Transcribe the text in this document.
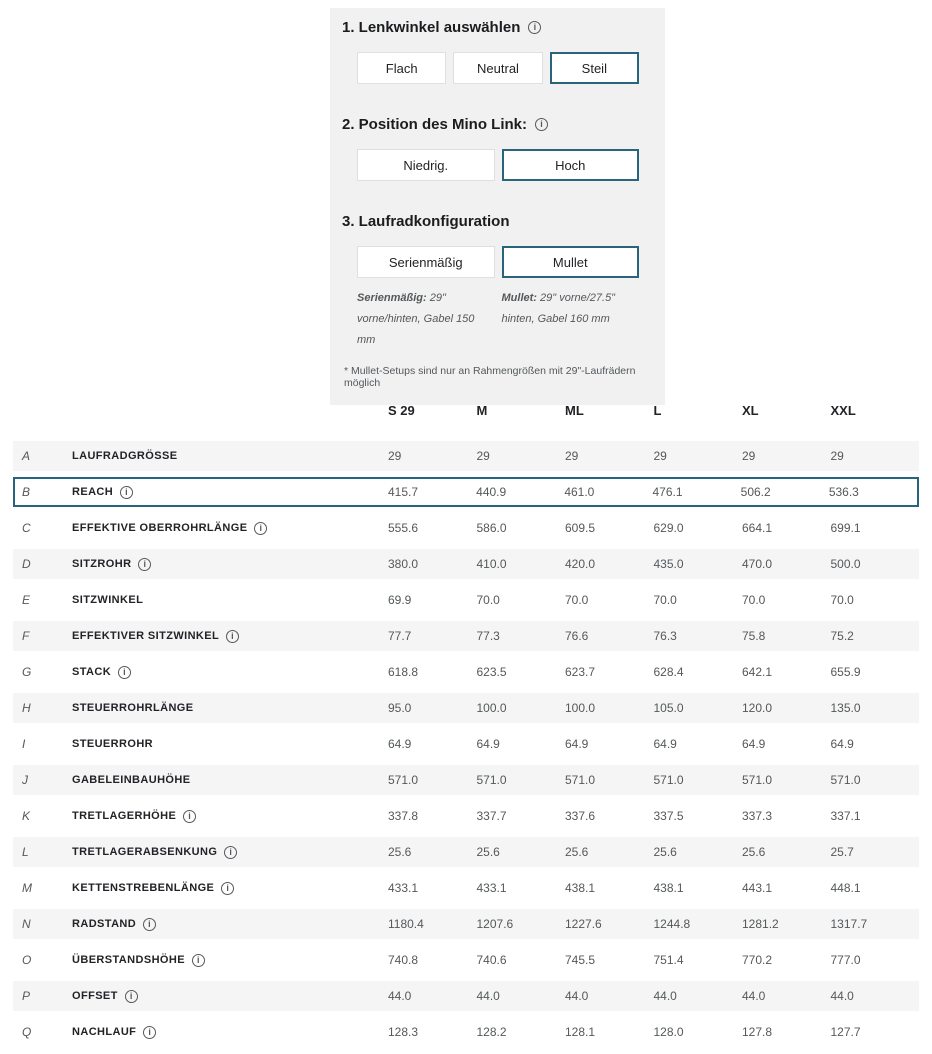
1. Lenkwinkel auswählen	i
Flach	Neutral	Steil
2. Position des Mino Link:	i
Niedrig.	Hoch
3. Laufradkonfiguration
Serienmäßig	Mullet
Serienmäßig: 29" vorne/hinten, Gabel 150 mm
Mullet: 29" vorne/27.5" hinten, Gabel 160 mm
* Mullet-Setups sind nur an Rahmengrößen mit 29"-Laufrädern möglich
S 29	M	ML	L	XL	XXL
A	LAUFRADGRÖSSE	29	29	29	29	29	29
B	REACH	i	415.7	440.9	461.0	476.1	506.2	536.3
C	EFFEKTIVE OBERROHRLÄNGE	i	555.6	586.0	609.5	629.0	664.1	699.1
D	SITZROHR	i	380.0	410.0	420.0	435.0	470.0	500.0
E	SITZWINKEL	69.9	70.0	70.0	70.0	70.0	70.0
F	EFFEKTIVER SITZWINKEL	i	77.7	77.3	76.6	76.3	75.8	75.2
G	STACK	i	618.8	623.5	623.7	628.4	642.1	655.9
H	STEUERROHRLÄNGE	95.0	100.0	100.0	105.0	120.0	135.0
I	STEUERROHR	64.9	64.9	64.9	64.9	64.9	64.9
J	GABELEINBAUHÖHE	571.0	571.0	571.0	571.0	571.0	571.0
K	TRETLAGERHÖHE	i	337.8	337.7	337.6	337.5	337.3	337.1
L	TRETLAGERABSENKUNG	i	25.6	25.6	25.6	25.6	25.6	25.7
M	KETTENSTREBENLÄNGE	i	433.1	433.1	438.1	438.1	443.1	448.1
N	RADSTAND	i	1180.4	1207.6	1227.6	1244.8	1281.2	1317.7
O	ÜBERSTANDSHÖHE	i	740.8	740.6	745.5	751.4	770.2	777.0
P	OFFSET	i	44.0	44.0	44.0	44.0	44.0	44.0
Q	NACHLAUF	i	128.3	128.2	128.1	128.0	127.8	127.7
